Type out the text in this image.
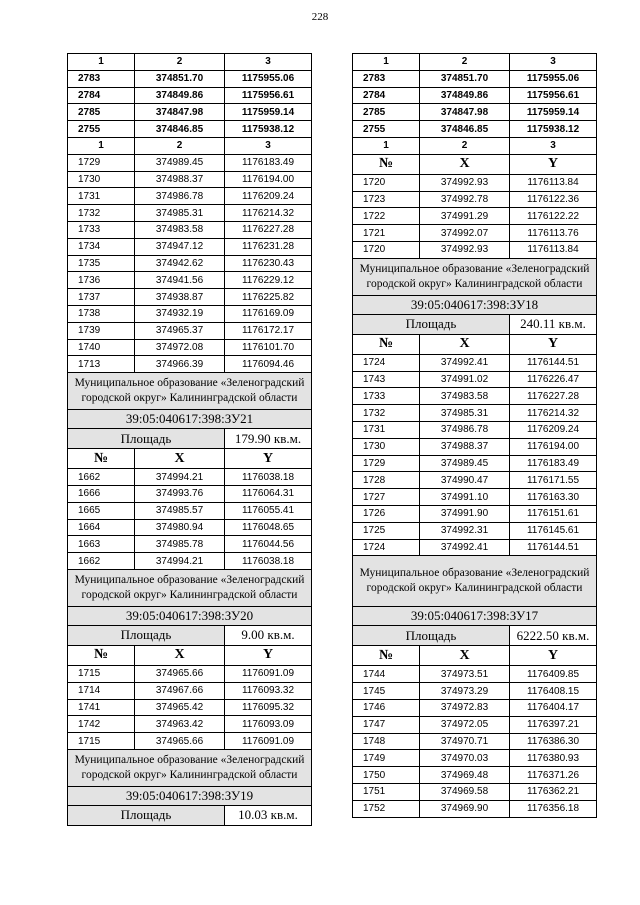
228
1	2	3
2783	374851.70	1175955.06
2784	374849.86	1175956.61
2785	374847.98	1175959.14
2755	374846.85	1175938.12
1	2	3
1729	374989.45	1176183.49
1730	374988.37	1176194.00
1731	374986.78	1176209.24
1732	374985.31	1176214.32
1733	374983.58	1176227.28
1734	374947.12	1176231.28
1735	374942.62	1176230.43
1736	374941.56	1176229.12
1737	374938.87	1176225.82
1738	374932.19	1176169.09
1739	374965.37	1176172.17
1740	374972.08	1176101.70
1713	374966.39	1176094.46
Муниципальное образование «Зеленоградский городской округ» Калининградской области		
39:05:040617:398:ЗУ21		
Площадь		179.90 кв.м.
№	X	Y
1662	374994.21	1176038.18
1666	374993.76	1176064.31
1665	374985.57	1176055.41
1664	374980.94	1176048.65
1663	374985.78	1176044.56
1662	374994.21	1176038.18
Муниципальное образование «Зеленоградский городской округ» Калининградской области		
39:05:040617:398:ЗУ20		
Площадь		9.00 кв.м.
№	X	Y
1715	374965.66	1176091.09
1714	374967.66	1176093.32
1741	374965.42	1176095.32
1742	374963.42	1176093.09
1715	374965.66	1176091.09
Муниципальное образование «Зеленоградский городской округ» Калининградской области		
39:05:040617:398:ЗУ19		
Площадь		10.03 кв.м.
1	2	3
2783	374851.70	1175955.06
2784	374849.86	1175956.61
2785	374847.98	1175959.14
2755	374846.85	1175938.12
1	2	3
№	X	Y
1720	374992.93	1176113.84
1723	374992.78	1176122.36
1722	374991.29	1176122.22
1721	374992.07	1176113.76
1720	374992.93	1176113.84
Муниципальное образование «Зеленоградский городской округ» Калининградской области		
39:05:040617:398:ЗУ18		
Площадь		240.11 кв.м.
№	X	Y
1724	374992.41	1176144.51
1743	374991.02	1176226.47
1733	374983.58	1176227.28
1732	374985.31	1176214.32
1731	374986.78	1176209.24
1730	374988.37	1176194.00
1729	374989.45	1176183.49
1728	374990.47	1176171.55
1727	374991.10	1176163.30
1726	374991.90	1176151.61
1725	374992.31	1176145.61
1724	374992.41	1176144.51
Муниципальное образование «Зеленоградский городской округ» Калининградской области		
39:05:040617:398:ЗУ17		
Площадь		6222.50 кв.м.
№	X	Y
1744	374973.51	1176409.85
1745	374973.29	1176408.15
1746	374972.83	1176404.17
1747	374972.05	1176397.21
1748	374970.71	1176386.30
1749	374970.03	1176380.93
1750	374969.48	1176371.26
1751	374969.58	1176362.21
1752	374969.90	1176356.18
